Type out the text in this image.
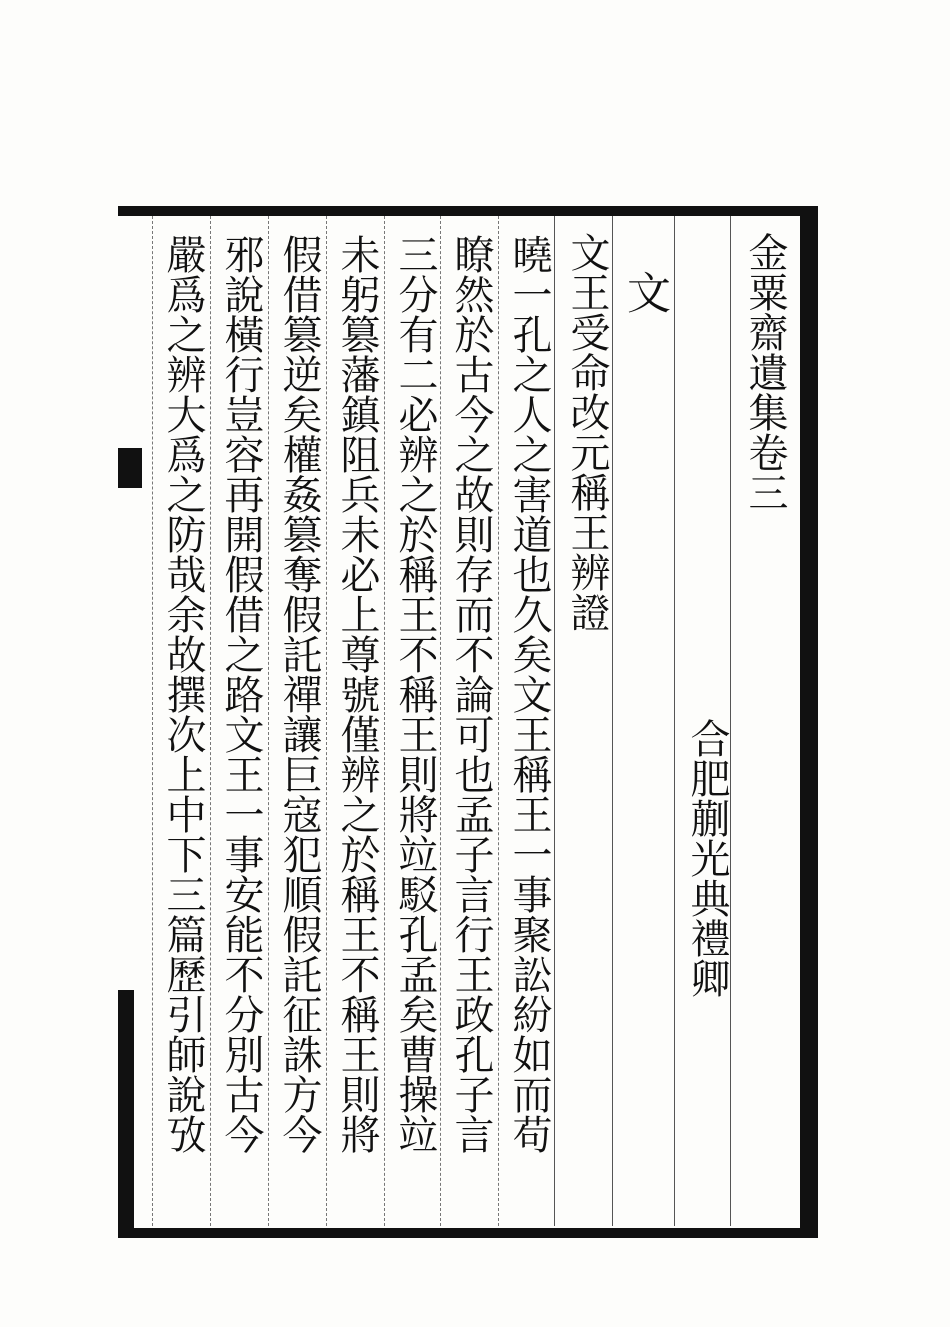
金粟齋遺集卷三
合肥蒯光典禮卿
文
文王受命改元稱王辨證
曉一孔之人之害道也久矣文王稱王一事聚訟紛如而苟
瞭然於古今之故則存而不論可也孟子言行王政孔子言
三分有二必辨之於稱王不稱王則將竝駁孔孟矣曹操竝
未躬篡藩鎮阻兵未必上尊號僅辨之於稱王不稱王則將
假借篡逆矣權姦篡奪假託禪讓巨寇犯順假託征誅方今
邪說橫行豈容再開假借之路文王一事安能不分別古今
嚴爲之辨大爲之防哉余故撰次上中下三篇歷引師說攷
